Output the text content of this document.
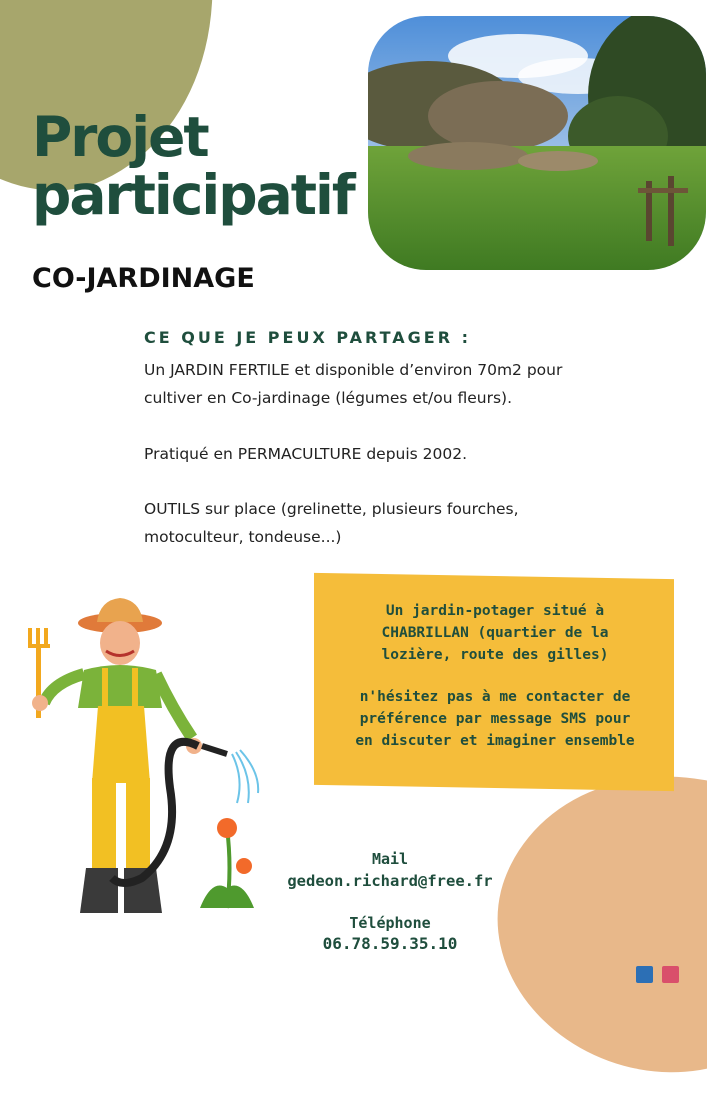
Projet
participatif
CO-JARDINAGE
CE QUE JE PEUX PARTAGER :

Un JARDIN FERTILE et disponible d’environ 70m2 pour cultiver en Co-jardinage (légumes et/ou fleurs).

Pratiqué en PERMACULTURE depuis 2002.

OUTILS sur place (grelinette, plusieurs fourches, motoculteur, tondeuse...)

Un jardin-potager situé à

CHABRILLAN (quartier de la

lozière, route des gilles)

n'hésitez pas à me contacter de

préférence par message SMS pour

en discuter et imaginer ensemble

Mail
gedeon.richard@free.fr
Téléphone
06.78.59.35.10
